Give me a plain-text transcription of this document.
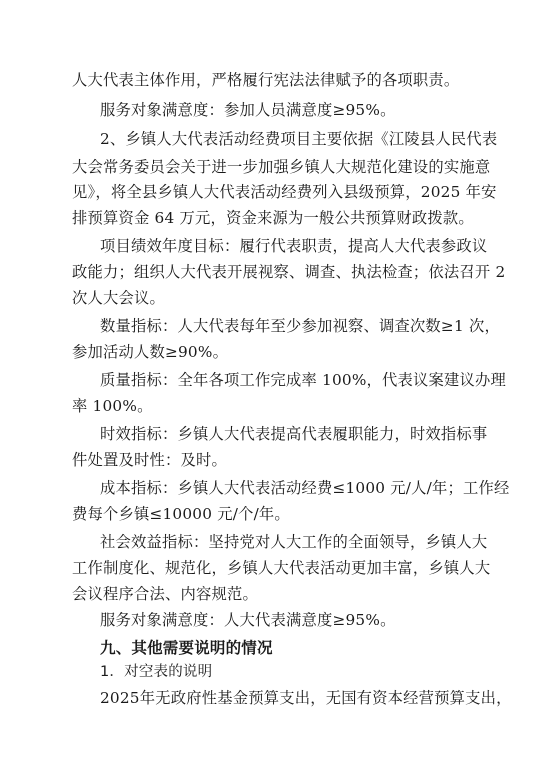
人大代表主体作用，严格履行宪法法律赋予的各项职责。
服务对象满意度：参加人员满意度≥95%。
2、乡镇人大代表活动经费项目主要依据《江陵县人民代表
大会常务委员会关于进一步加强乡镇人大规范化建设的实施意
见》，将全县乡镇人大代表活动经费列入县级预算，2025 年安
排预算资金 64 万元，资金来源为一般公共预算财政拨款。
项目绩效年度目标：履行代表职责，提高人大代表参政议
政能力；组织人大代表开展视察、调查、执法检查；依法召开 2
次人大会议。
数量指标：人大代表每年至少参加视察、调查次数≥1 次，
参加活动人数≥90%。
质量指标：全年各项工作完成率 100%，代表议案建议办理
率 100%。
时效指标：乡镇人大代表提高代表履职能力，时效指标事
件处置及时性：及时。
成本指标：乡镇人大代表活动经费≤1000 元/人/年；工作经
费每个乡镇≤10000 元/个/年。
社会效益指标：坚持党对人大工作的全面领导，乡镇人大
工作制度化、规范化，乡镇人大代表活动更加丰富，乡镇人大
会议程序合法、内容规范。
服务对象满意度：人大代表满意度≥95%。
九、其他需要说明的情况
1．对空表的说明
2025年无政府性基金预算支出，无国有资本经营预算支出，
